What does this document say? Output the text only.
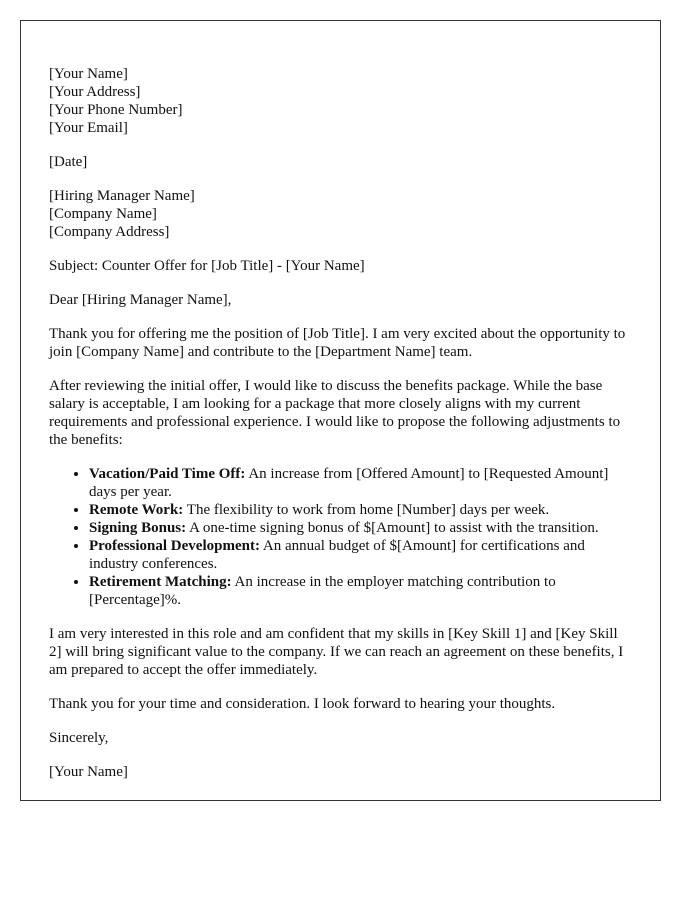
[Your Name]
[Your Address]
[Your Phone Number]
[Your Email]

[Date]

[Hiring Manager Name]
[Company Name]
[Company Address]

Subject: Counter Offer for [Job Title] - [Your Name]

Dear [Hiring Manager Name],

Thank you for offering me the position of [Job Title]. I am very excited about the opportunity to join [Company Name] and contribute to the [Department Name] team.

After reviewing the initial offer, I would like to discuss the benefits package. While the base salary is acceptable, I am looking for a package that more closely aligns with my current requirements and professional experience. I would like to propose the following adjustments to the benefits:

• Vacation/Paid Time Off: An increase from [Offered Amount] to [Requested Amount] days per year.
• Remote Work: The flexibility to work from home [Number] days per week.
• Signing Bonus: A one-time signing bonus of $[Amount] to assist with the transition.
• Professional Development: An annual budget of $[Amount] for certifications and industry conferences.
• Retirement Matching: An increase in the employer matching contribution to [Percentage]%.

I am very interested in this role and am confident that my skills in [Key Skill 1] and [Key Skill 2] will bring significant value to the company. If we can reach an agreement on these benefits, I am prepared to accept the offer immediately.

Thank you for your time and consideration. I look forward to hearing your thoughts.

Sincerely,

[Your Name]
